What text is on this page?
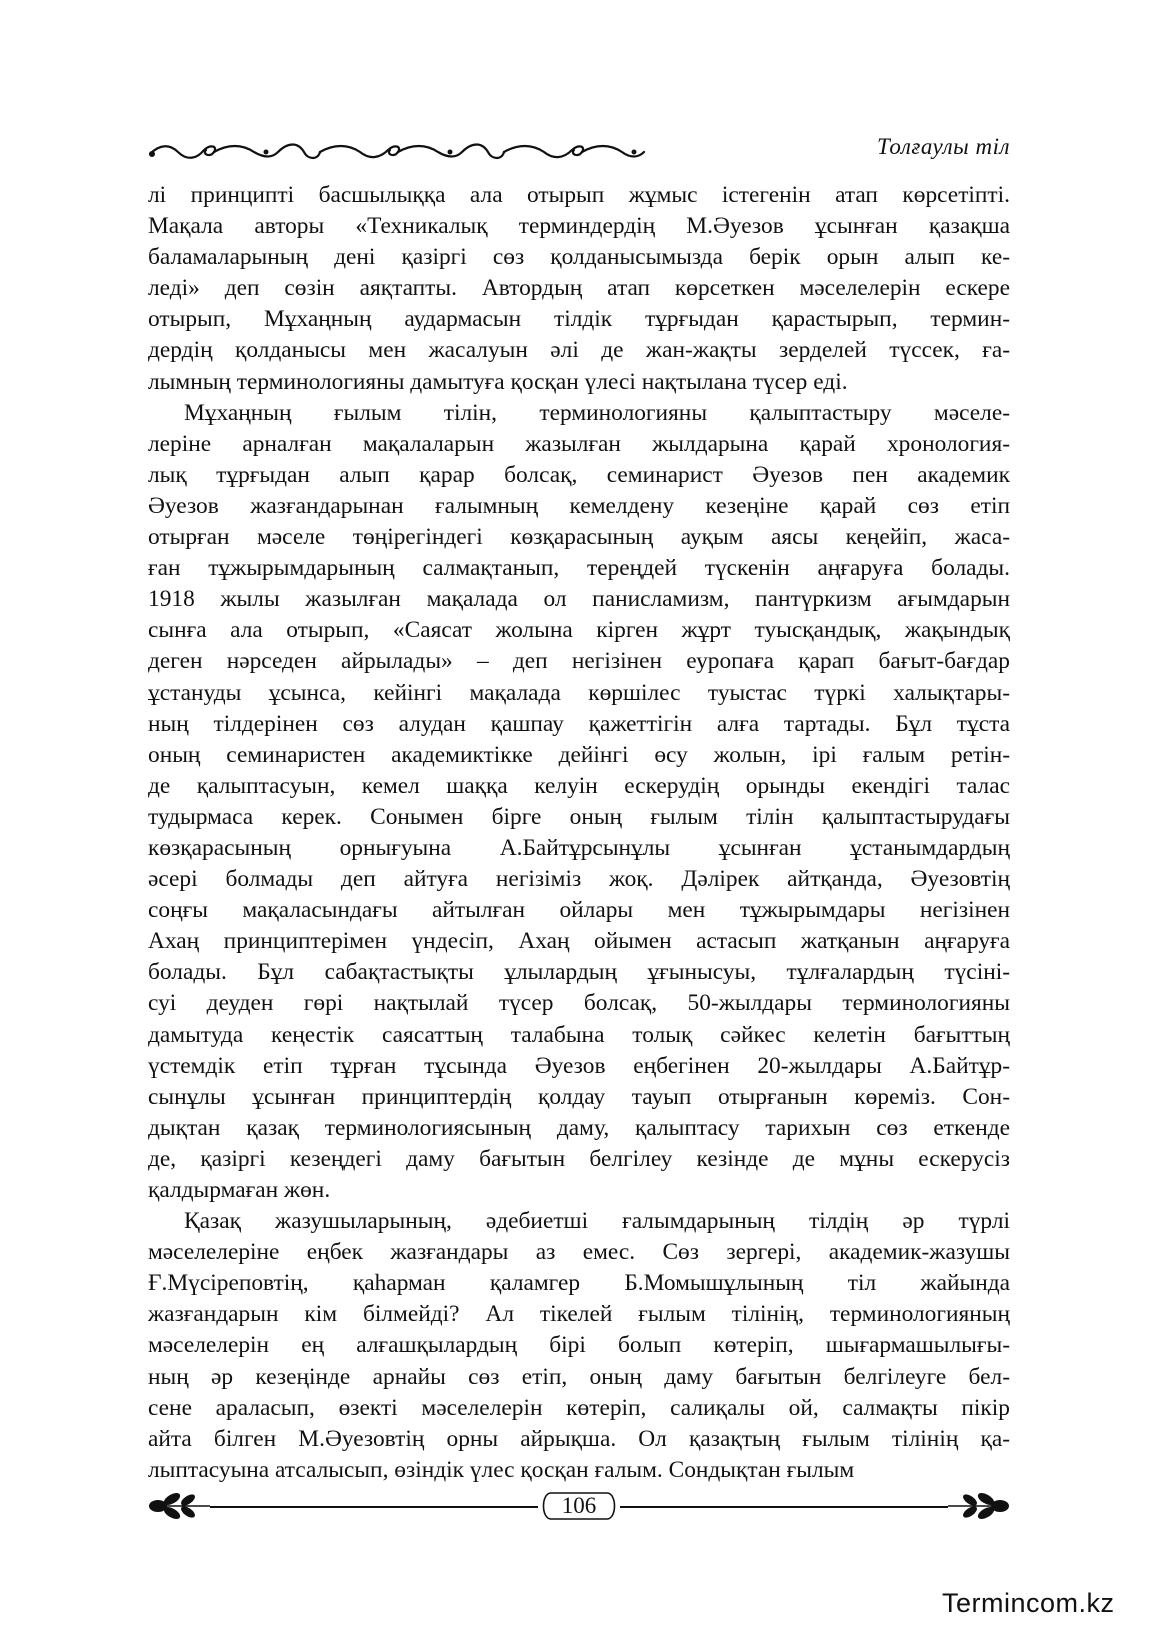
Толғаулы тіл

лі принципті басшылыққа ала отырып жұмыс істегенін атап көрсетіпті.
Мақала авторы «Техникалық терминдердің М.Әуезов ұсынған қазақша
баламаларының дені қазіргі сөз қолданысымызда берік орын алып ке-
леді» деп сөзін аяқтапты. Автордың атап көрсеткен мәселелерін ескере
отырып, Мұхаңның аудармасын тілдік тұрғыдан қарастырып, термин-
дердің қолданысы мен жасалуын әлі де жан-жақты зерделей түссек, ға-
лымның терминологияны дамытуға қосқан үлесі нақтылана түсер еді.

Мұхаңның ғылым тілін, терминологияны қалыптастыру мәселе-
леріне арналған мақалаларын жазылған жылдарына қарай хронология-
лық тұрғыдан алып қарар болсақ, семинарист Әуезов пен академик
Әуезов жазғандарынан ғалымның кемелдену кезеңіне қарай сөз етіп
отырған мәселе төңірегіндегі көзқарасының ауқым аясы кеңейіп, жаса-
ған тұжырымдарының салмақтанып, тереңдей түскенін аңғаруға болады.
1918 жылы жазылған мақалада ол панисламизм, пантүркизм ағымдарын
сынға ала отырып, «Саясат жолына кірген жұрт туысқандық, жақындық
деген нәрседен айрылады» – деп негізінен еуропаға қарап бағыт-бағдар
ұстануды ұсынса, кейінгі мақалада көршілес туыстас түркі халықтары-
ның тілдерінен сөз алудан қашпау қажеттігін алға тартады. Бұл тұста
оның семинаристен академиктікке дейінгі өсу жолын, ірі ғалым ретін-
де қалыптасуын, кемел шаққа келуін ескерудің орынды екендігі талас
тудырмаса керек. Сонымен бірге оның ғылым тілін қалыптастырудағы
көзқарасының орнығуына А.Байтұрсынұлы ұсынған ұстанымдардың
әсері болмады деп айтуға негізіміз жоқ. Дәлірек айтқанда, Әуезовтің
соңғы мақаласындағы айтылған ойлары мен тұжырымдары негізінен
Ахаң принциптерімен үндесіп, Ахаң ойымен астасып жатқанын аңғаруға
болады. Бұл сабақтастықты ұлылардың ұғынысуы, тұлғалардың түсіні-
суі деуден гөрі нақтылай түсер болсақ, 50-жылдары терминологияны
дамытуда кеңестік саясаттың талабына толық сәйкес келетін бағыттың
үстемдік етіп тұрған тұсында Әуезов еңбегінен 20-жылдары А.Байтұр-
сынұлы ұсынған принциптердің қолдау тауып отырғанын көреміз. Сон-
дықтан қазақ терминологиясының даму, қалыптасу тарихын сөз еткенде
де, қазіргі кезеңдегі даму бағытын белгілеу кезінде де мұны ескерусіз
қалдырмаған жөн.

Қазақ жазушыларының, әдебиетші ғалымдарының тілдің әр түрлі
мәселелеріне еңбек жазғандары аз емес. Сөз зергері, академик-жазушы
Ғ.Мүсіреповтің, қаһарман қаламгер Б.Момышұлының тіл жайында
жазғандарын кім білмейді? Ал тікелей ғылым тілінің, терминологияның
мәселелерін ең алғашқылардың бірі болып көтеріп, шығармашылығы-
ның әр кезеңінде арнайы сөз етіп, оның даму бағытын белгілеуге бел-
сене араласып, өзекті мәселелерін көтеріп, салиқалы ой, салмақты пікір
айта білген М.Әуезовтің орны айрықша. Ол қазақтың ғылым тілінің қа-
лыптасуына атсалысып, өзіндік үлес қосқан ғалым. Сондықтан ғылым

106
Termincom.kz
